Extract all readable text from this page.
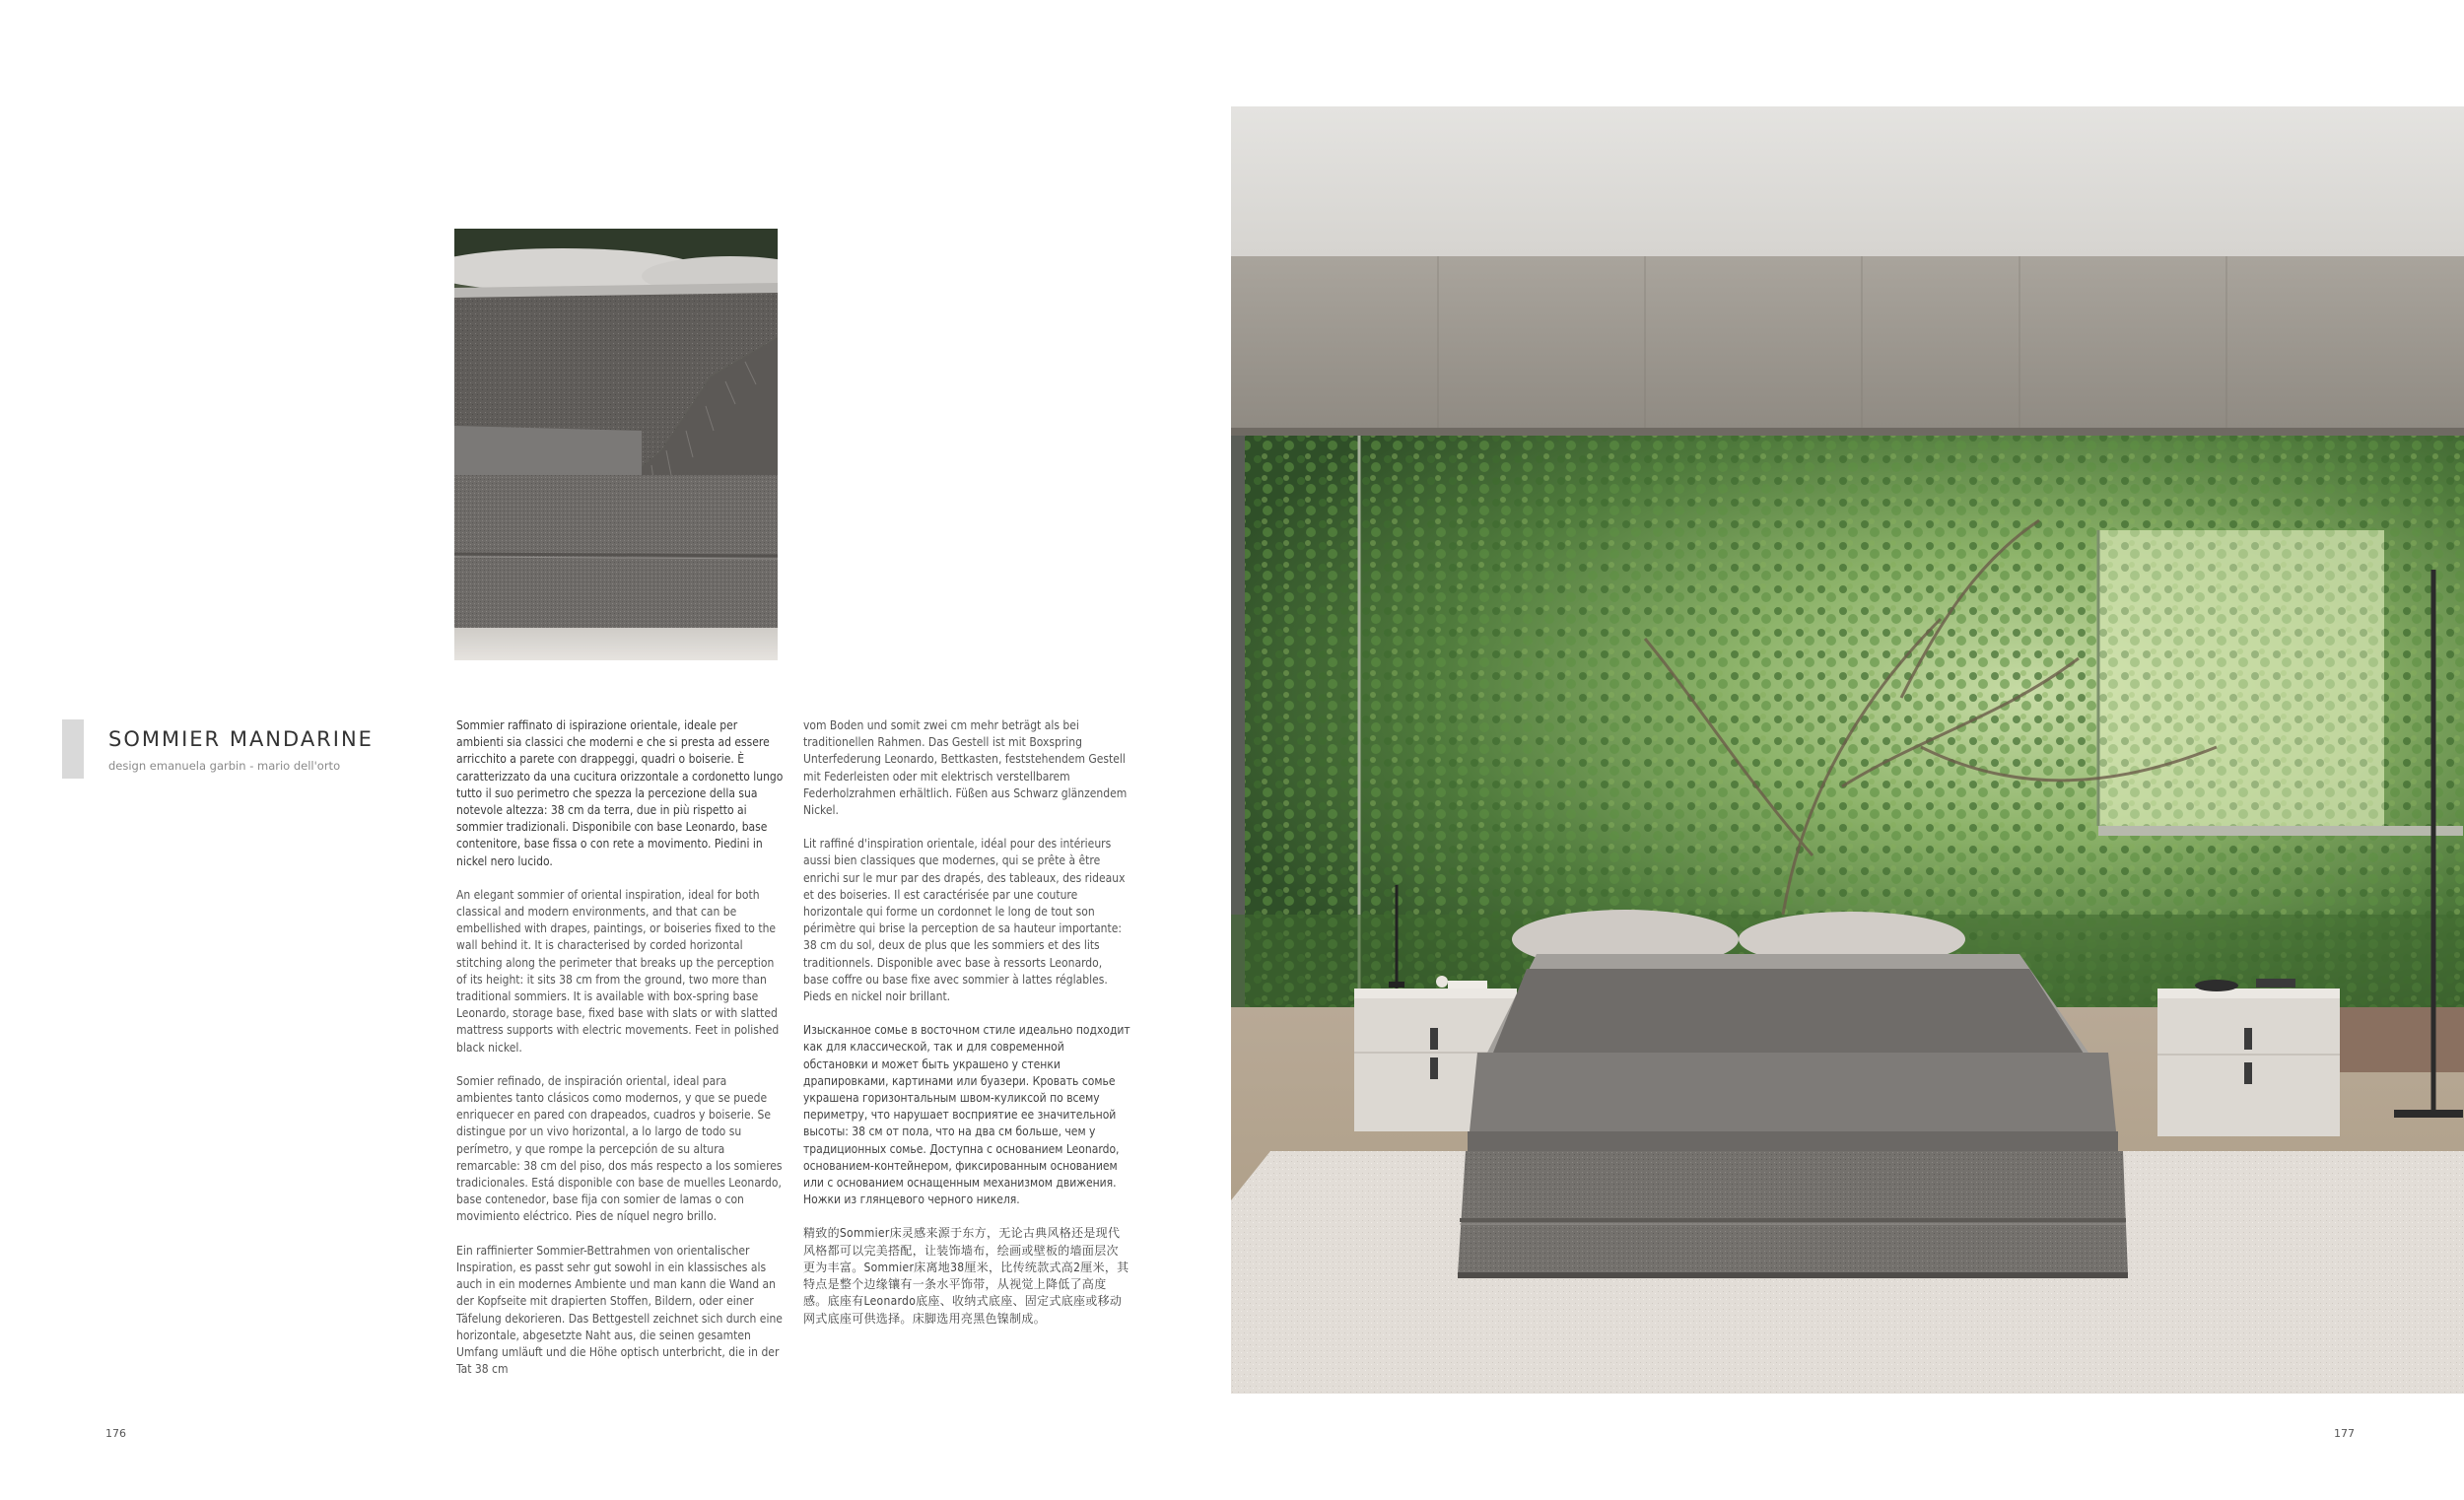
SOMMIER MANDARINE
design emanuela garbin - mario dell'orto

Sommier raffinato di ispirazione orientale, ideale per ambienti sia classici che moderni e che si presta ad essere arricchito a parete con drappeggi, quadri o boiserie. È caratterizzato da una cucitura orizzontale a cordonetto lungo tutto il suo perimetro che spezza la percezione della sua notevole altezza: 38 cm da terra, due in più rispetto ai sommier tradizionali. Disponibile con base Leonardo, base contenitore, base fissa o con rete a movimento. Piedini in nickel nero lucido.

An elegant sommier of oriental inspiration, ideal for both classical and modern environments, and that can be embellished with drapes, paintings, or boiseries fixed to the wall behind it. It is characterised by corded horizontal stitching along the perimeter that breaks up the perception of its height: it sits 38 cm from the ground, two more than traditional sommiers. It is available with box-spring base Leonardo, storage base, fixed base with slats or with slatted mattress supports with electric movements. Feet in polished black nickel.

Somier refinado, de inspiración oriental, ideal para ambientes tanto clásicos como modernos, y que se puede enriquecer en pared con drapeados, cuadros y boiserie. Se distingue por un vivo horizontal, a lo largo de todo su perímetro, y que rompe la percepción de su altura remarcable: 38 cm del piso, dos más respecto a los somieres tradicionales. Está disponible con base de muelles Leonardo, base contenedor, base fija con somier de lamas o con movimiento eléctrico. Pies de níquel negro brillo.

Ein raffinierter Sommier-Bettrahmen von orientalischer Inspiration, es passt sehr gut sowohl in ein klassisches als auch in ein modernes Ambiente und man kann die Wand an der Kopfseite mit drapierten Stoffen, Bildern, oder einer Täfelung dekorieren. Das Bettgestell zeichnet sich durch eine horizontale, abgesetzte Naht aus, die seinen gesamten Umfang umläuft und die Höhe optisch unterbricht, die in der Tat 38 cm

vom Boden und somit zwei cm mehr beträgt als bei traditionellen Rahmen. Das Gestell ist mit Boxspring Unterfederung Leonardo, Bettkasten, feststehendem Gestell mit Federleisten oder mit elektrisch verstellbarem Federholzrahmen erhältlich. Füßen aus Schwarz glänzendem Nickel.

Lit raffiné d'inspiration orientale, idéal pour des intérieurs aussi bien classiques que modernes, qui se prête à être enrichi sur le mur par des drapés, des tableaux, des rideaux et des boiseries. Il est caractérisée par une couture horizontale qui forme un cordonnet le long de tout son périmètre qui brise la perception de sa hauteur importante: 38 cm du sol, deux de plus que les sommiers et des lits traditionnels. Disponible avec base à ressorts Leonardo, base coffre ou base fixe avec sommier à lattes réglables. Pieds en nickel noir brillant.

Изысканное сомье в восточном стиле идеально подходит как для классической, так и для современной обстановки и может быть украшено у стенки драпировками, картинами или буазери. Кровать сомье украшена горизонтальным швом-куликсой по всему периметру, что нарушает восприятие ее значительной высоты: 38 см от пола, что на два см больше, чем у традиционных сомье. Доступна с основанием Leonardo, основанием-контейнером, фиксированным основанием или с основанием оснащенным механизмом движения. Ножки из глянцевого черного никеля.

精致的Sommier床灵感来源于东方，无论古典风格还是现代风格都可以完美搭配，让装饰墙布，绘画或壁板的墙面层次更为丰富。Sommier床离地38厘米，比传统款式高2厘米，其特点是整个边缘镶有一条水平饰带，从视觉上降低了高度感。底座有Leonardo底座、收纳式底座、固定式底座或移动网式底座可供选择。床脚选用亮黑色镍制成。

176	177
